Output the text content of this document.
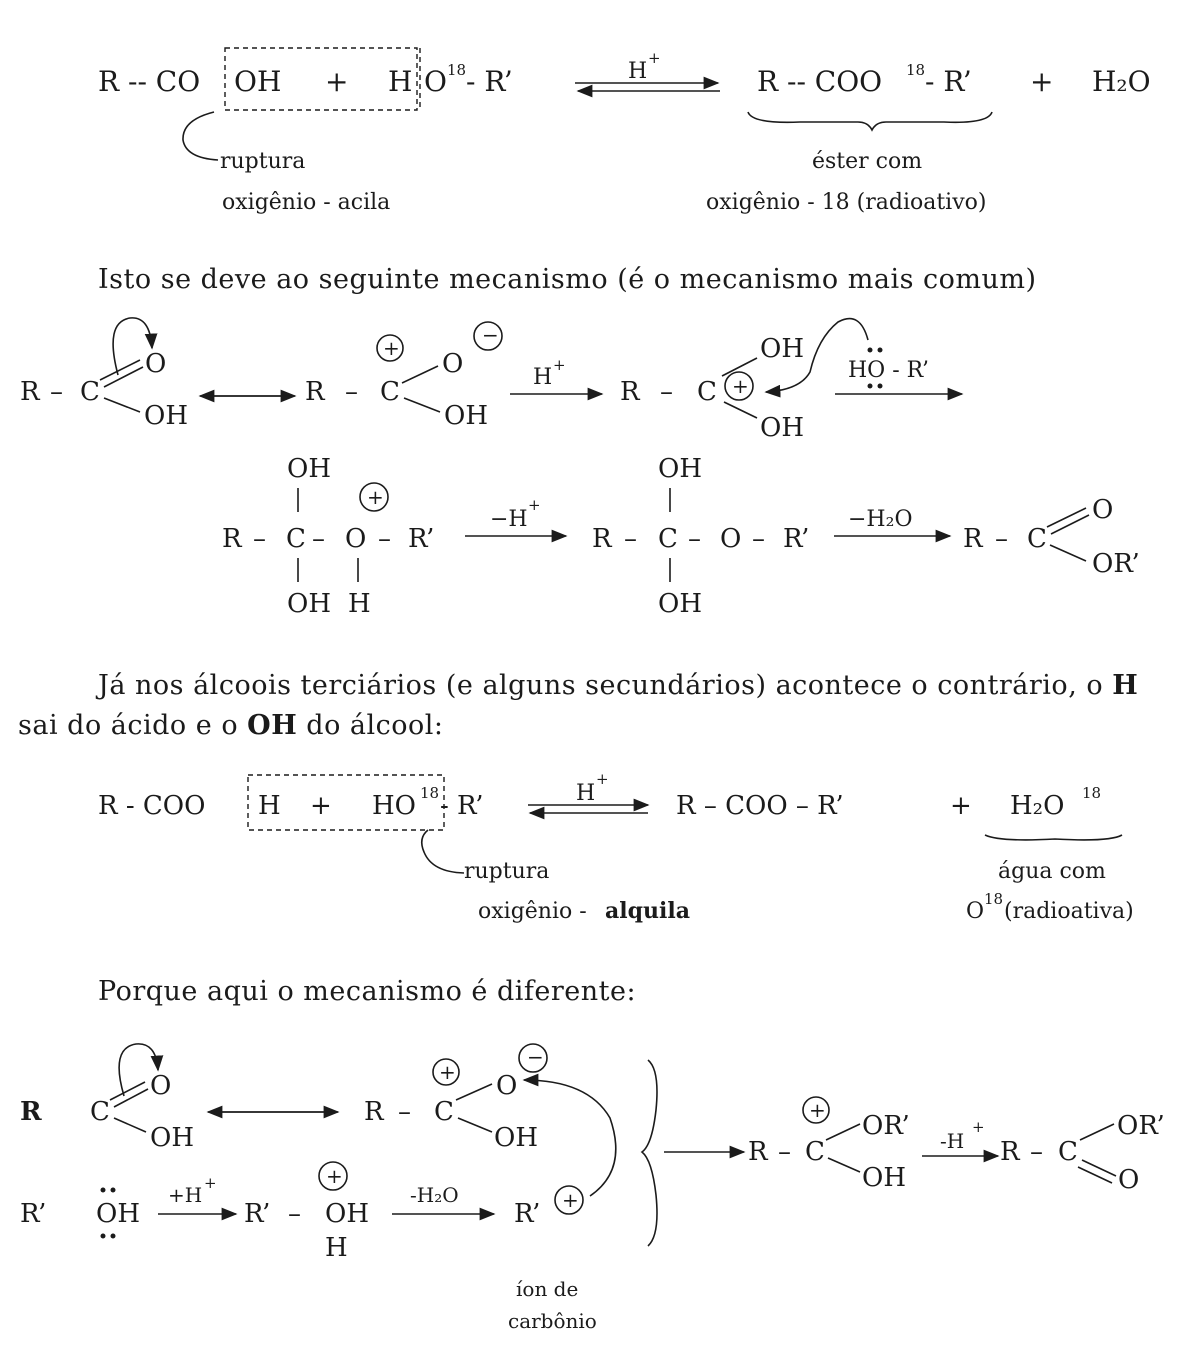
R -- CO OH + H O 18 - R’	H
+
R -- COO 18 - R’ + H₂O
ruptura
oxigênio - acila
éster com
oxigênio - 18 (radioativo)
R – C
O
OH
R – C
+
O
−
OH
H +
R – C +
OH
OH
HO - R’
OH
R – C – O – R’
+
OH H
−H
+
OH
R – C – O – R’
OH
−H₂O
R – C
O
OR’
R - COO H + HO 18 - R’	H
+
R – COO – R’	+ H₂O 18
ruptura
oxigênio - alquila
água com
O 18 (radioativa)
R C
O
OH
R – C
+ O
−
OH
R’ OH
+H +
R’ – OH
+
H
-H₂O
R’ +
íon de
carbônio
R – C
+
OR’
OH
-H
+
R – C
OR’
O
Isto se deve ao seguinte mecanismo (é o mecanismo mais comum)
Já nos álcoois terciários (e alguns secundários) acontece o contrário, o H
sai do ácido e o OH do álcool:
Porque aqui o mecanismo é diferente:
